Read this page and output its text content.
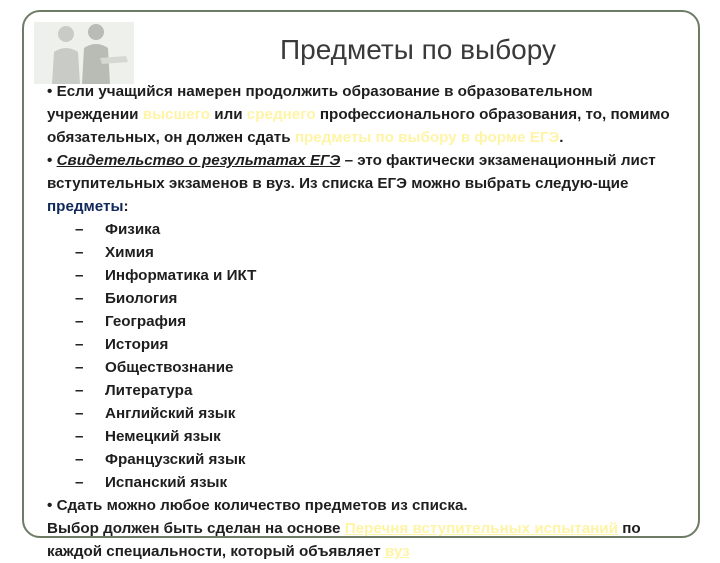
Предметы по выбору

• Если учащийся намерен продолжить образование в образовательном учреждении высшего или среднего профессионального образования, то, помимо обязательных, он должен сдать предметы по выбору в форме ЕГЭ.

• Свидетельство о результатах ЕГЭ – это фактически экзаменационный лист вступительных экзаменов в вуз. Из списка ЕГЭ можно выбрать следую-щие предметы:

– Физика
– Химия
– Информатика и ИКТ
– Биология
– География
– История
– Обществознание
– Литература
– Английский язык
– Немецкий язык
– Французский язык
– Испанский язык

• Сдать можно любое количество предметов из списка.

Выбор должен быть сделан на основе Перечня вступительных испытаний по каждой специальности, который объявляет вуз
